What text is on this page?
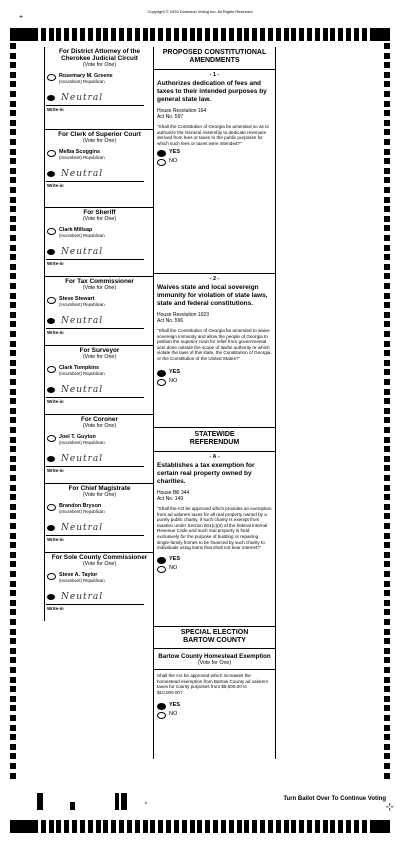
Copyright © 2020 Dominion Voting Inc. All Rights Reserved
+
For District Attorney of the Cherokee Judicial Circuit
(Vote for One)
Rosemary M. Greene
(Incumbent) Republican
Neutral
Write-in
For Clerk of Superior Court
(Vote for One)
Melba Scoggins
(Incumbent) Republican
Neutral
Write-in
For Sheriff
(Vote for One)
Clark Millsap
(Incumbent) Republican
Neutral
Write-in
For Tax Commissioner
(Vote for One)
Steve Stewart
(Incumbent) Republican
Neutral
Write-in
For Surveyor
(Vote for One)
Clark Tompkins
(Incumbent) Republican
Neutral
Write-in
For Coroner
(Vote for One)
Joel T. Guyton
(Incumbent) Republican
Neutral
Write-in
For Chief Magistrate
(Vote for One)
Brandon Bryson
(Incumbent) Republican
Neutral
Write-in
For Sole County Commissioner
(Vote for One)
Steve A. Taylor
(Incumbent) Republican
Neutral
Write-in
PROPOSED CONSTITUTIONAL AMENDMENTS
- 1 -
Authorizes dedication of fees and taxes to their intended purposes by general state law.
House Resolution 164
Act No. 597
"Shall the Constitution of Georgia be amended so as to authorize the General Assembly to dedicate revenues derived from fees or taxes to the public purposes for which such fees or taxes were intended?"
YES
NO
- 2 -
Waives state and local sovereign immunity for violation of state laws, state and federal constitutions.
House Resolution 1023
Act No. 596
"Shall the Constitution of Georgia be amended to waive sovereign immunity and allow the people of Georgia to petition the superior court for relief from governmental acts done outside the scope of lawful authority or which violate the laws of this state, the Constitution of Georgia, or the Constitution of the United States?"
YES
NO
STATEWIDE REFERENDUM
- A -
Establishes a tax exemption for certain real property owned by charities.
House Bill 344
Act No. 149
"Shall the Act be approved which provides an exemption from ad valorem taxes for all real property owned by a purely public charity, if such charity is exempt from taxation under Section 501(c)(3) of the federal Internal Revenue Code and such real property is held exclusively for the purpose of building or repairing single-family homes to be financed by such charity to individuals using loans that shall not bear interest?"
YES
NO
SPECIAL ELECTION BARTOW COUNTY
Bartow County Homestead Exemption
(Vote for One)
Shall the Act be approved which increases the homestead exemption from Bartow County ad valorem taxes for county purposes from $5,000.00 to $10,000.00?
YES
NO
b
Turn Ballot Over To Continue Voting
⊹
